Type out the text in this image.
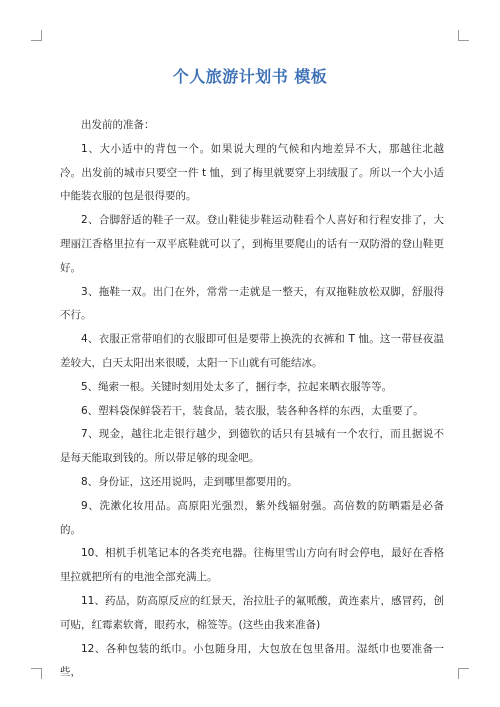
个人旅游计划书 模板

出发前的准备：

1、大小适中的背包一个。如果说大理的气候和内地差异不大，那越往北越冷。出发前的城市只要空一件 t 恤，到了梅里就要穿上羽绒服了。所以一个大小适中能装衣服的包是很得要的。

2、合脚舒适的鞋子一双。登山鞋徒步鞋运动鞋看个人喜好和行程安排了，大理丽江香格里拉有一双平底鞋就可以了，到梅里要爬山的话有一双防滑的登山鞋更好。

3、拖鞋一双。出门在外，常常一走就是一整天，有双拖鞋放松双脚，舒服得不行。

4、衣服正常带咱们的衣服即可但是要带上换洗的衣裤和 T 恤。这一带昼夜温差较大，白天太阳出来很暖，太阳一下山就有可能结冰。

5、绳索一根。关键时刻用处太多了，捆行李，拉起来晒衣服等等。

6、塑料袋保鲜袋若干，装食品，装衣服，装各种各样的东西，太重要了。

7、现金，越往北走银行越少，到德钦的话只有县城有一个农行，而且据说不是每天能取到钱的。所以带足够的现金吧。

8、身份证，这还用说吗，走到哪里都要用的。

9、洗漱化妆用品。高原阳光强烈，紫外线辐射强。高倍数的防晒霜是必备的。

10、相机手机笔记本的各类充电器。往梅里雪山方向有时会停电，最好在香格里拉就把所有的电池全部充满上。

11、药品，防高原反应的红景天，治拉肚子的氟哌酸，黄连素片，感冒药，创可贴，红霉素软膏，眼药水，棉签等。(这些由我来准备)

12、各种包装的纸巾。小包随身用，大包放在包里备用。湿纸巾也要准备一些，
